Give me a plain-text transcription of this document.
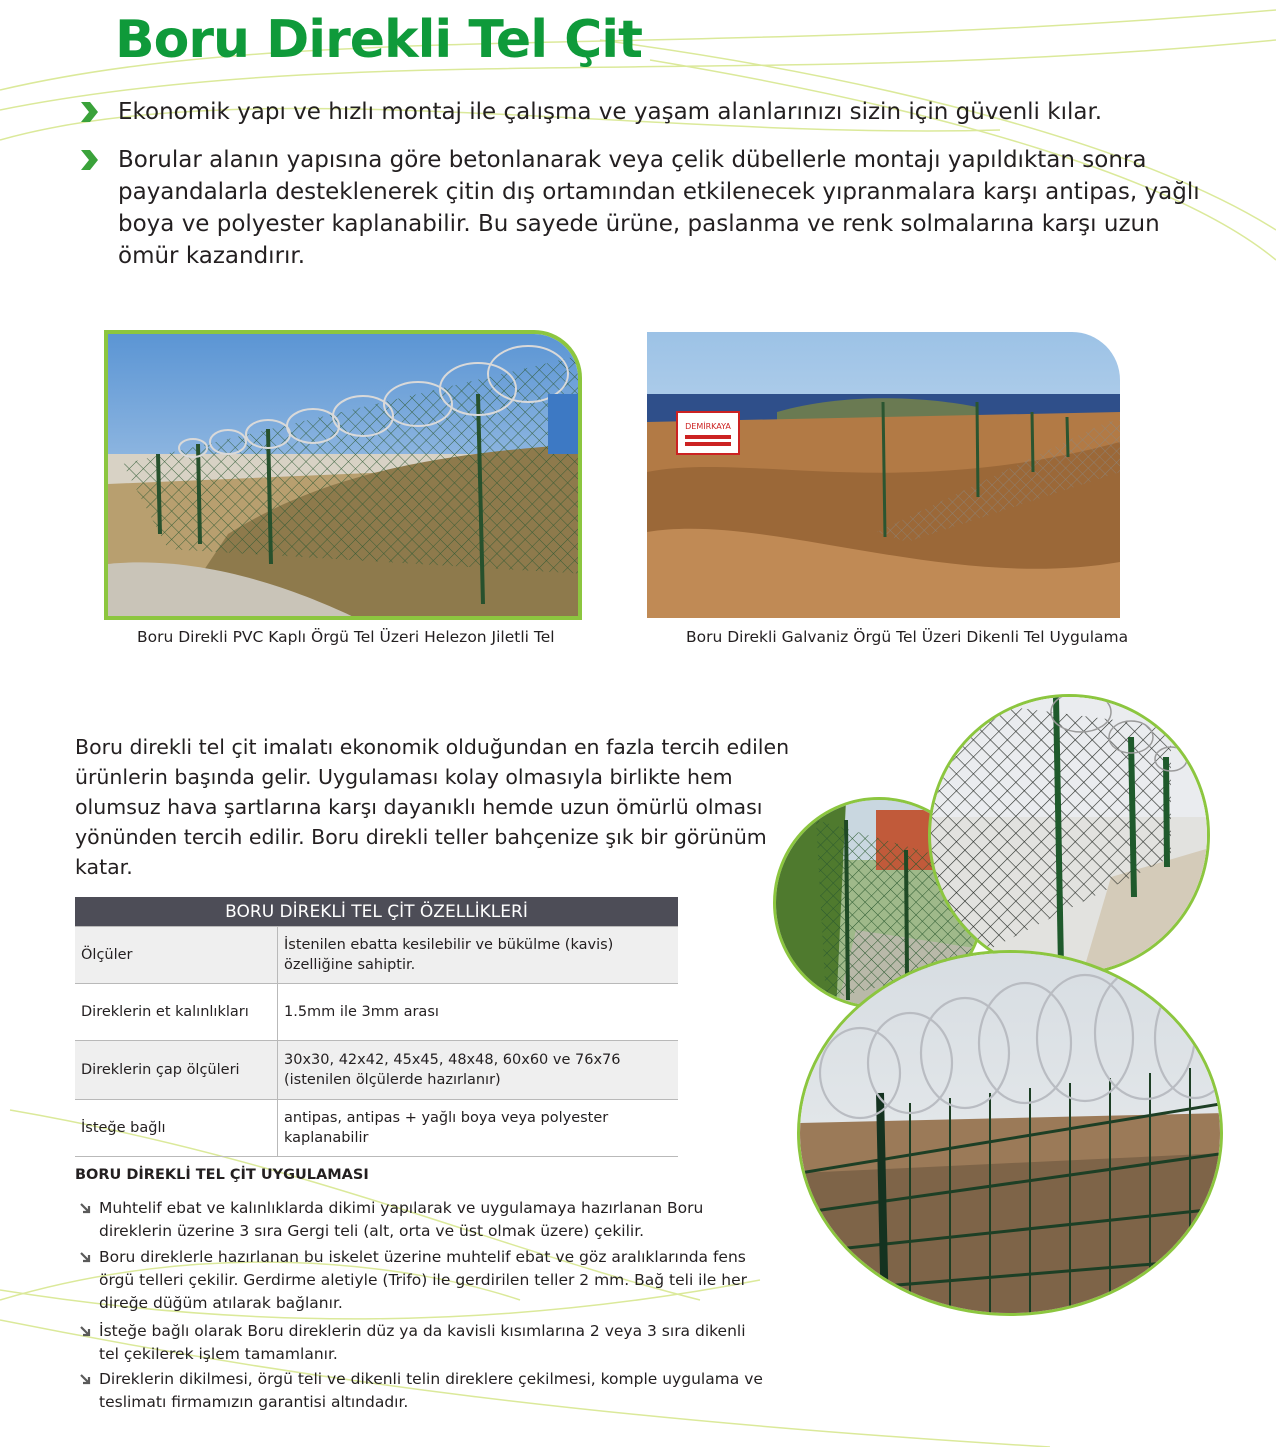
Boru Direkli Tel Çit
Ekonomik yapı ve hızlı montaj ile çalışma ve yaşam alanlarınızı sizin için güvenli kılar.
Borular alanın yapısına göre betonlanarak veya çelik dübellerle montajı yapıldıktan sonra payandalarla desteklenerek çitin dış ortamından etkilenecek yıpranmalara karşı antipas, yağlı boya ve polyester kaplanabilir. Bu sayede ürüne, paslanma ve renk solmalarına karşı uzun ömür kazandırır.
Boru Direkli PVC Kaplı Örgü Tel Üzeri Helezon Jiletli Tel
DEMİRKAYA
Boru Direkli Galvaniz Örgü Tel Üzeri Dikenli Tel Uygulama
Boru direkli tel çit imalatı ekonomik olduğundan en fazla tercih edilen ürünlerin başında gelir. Uygulaması kolay olmasıyla birlikte hem olumsuz hava şartlarına karşı dayanıklı hemde uzun ömürlü olması yönünden tercih edilir. Boru direkli teller bahçenize şık bir görünüm katar.
BORU DİREKLİ TEL ÇİT ÖZELLİKLERİ	
Ölçüler	İstenilen ebatta kesilebilir ve bükülme (kavis) özelliğine sahiptir.
Direklerin et kalınlıkları	1.5mm ile 3mm arası
Direklerin çap ölçüleri	30x30, 42x42, 45x45, 48x48, 60x60 ve 76x76 (istenilen ölçülerde hazırlanır)
İsteğe bağlı	antipas, antipas + yağlı boya veya polyester kaplanabilir
BORU DİREKLİ TEL ÇİT UYGULAMASI
Muhtelif ebat ve kalınlıklarda dikimi yapılarak ve uygulamaya hazırlanan Boru direklerin üzerine 3 sıra Gergi teli (alt, orta ve üst olmak üzere) çekilir.
Boru direklerle hazırlanan bu iskelet üzerine muhtelif ebat ve göz aralıklarında fens örgü telleri çekilir. Gerdirme aletiyle (Trifo) ile gerdirilen teller 2 mm. Bağ teli ile her direğe düğüm atılarak bağlanır.
İsteğe bağlı olarak Boru direklerin düz ya da kavisli kısımlarına 2 veya 3 sıra dikenli tel çekilerek işlem tamamlanır.
Direklerin dikilmesi, örgü teli ve dikenli telin direklere çekilmesi, komple uygulama ve teslimatı firmamızın garantisi altındadır.
